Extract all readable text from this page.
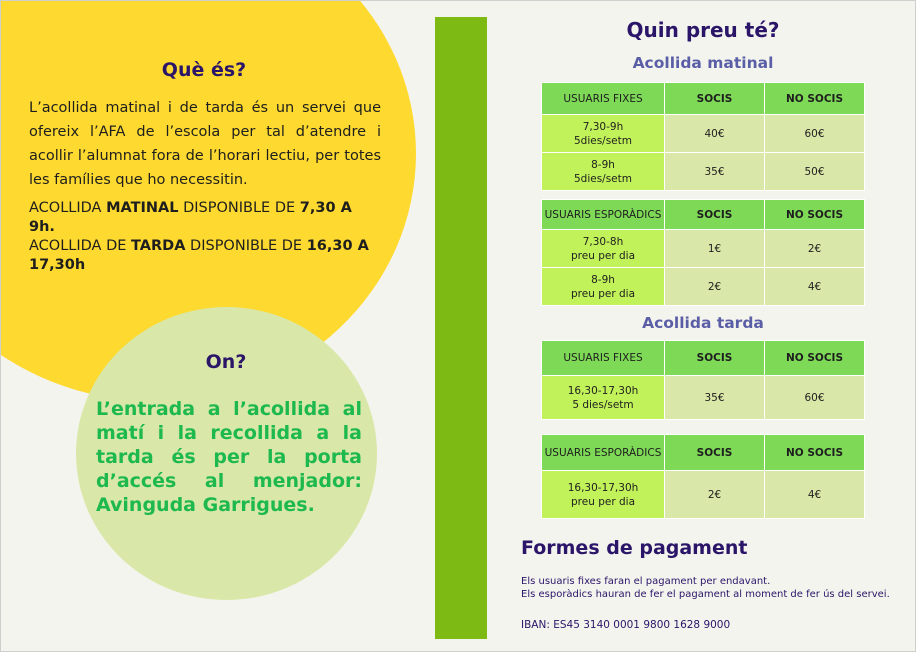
Què és?
L’acollida matinal i de tarda és un servei que ofereix l’AFA de l’escola per tal d’atendre i acollir l’alumnat fora de l’horari lectiu, per totes les famílies que ho necessitin.
ACOLLIDA MATINAL DISPONIBLE DE 7,30 A 9h.
ACOLLIDA DE TARDA DISPONIBLE DE 16,30 A 17,30h
On?
L’entrada a l’acollida al matí i la recollida a la tarda és per la porta d’accés al menjador: Avinguda Garrigues.
Quin preu té?
Acollida matinal
USUARIS FIXES	SOCIS	NO SOCIS
7,30-9h
5dies/setm	40€	60€
8-9h
5dies/setm	35€	50€
USUARIS ESPORÀDICS	SOCIS	NO SOCIS
7,30-8h
preu per dia	1€	2€
8-9h
preu per dia	2€	4€
Acollida tarda
USUARIS FIXES	SOCIS	NO SOCIS
16,30-17,30h
5 dies/setm	35€	60€
USUARIS ESPORÀDICS	SOCIS	NO SOCIS
16,30-17,30h
preu per dia	2€	4€
Formes de pagament
Els usuaris fixes faran el pagament per endavant.
Els esporàdics hauran de fer el pagament al moment de fer ús del servei.
IBAN: ES45 3140 0001 9800 1628 9000
